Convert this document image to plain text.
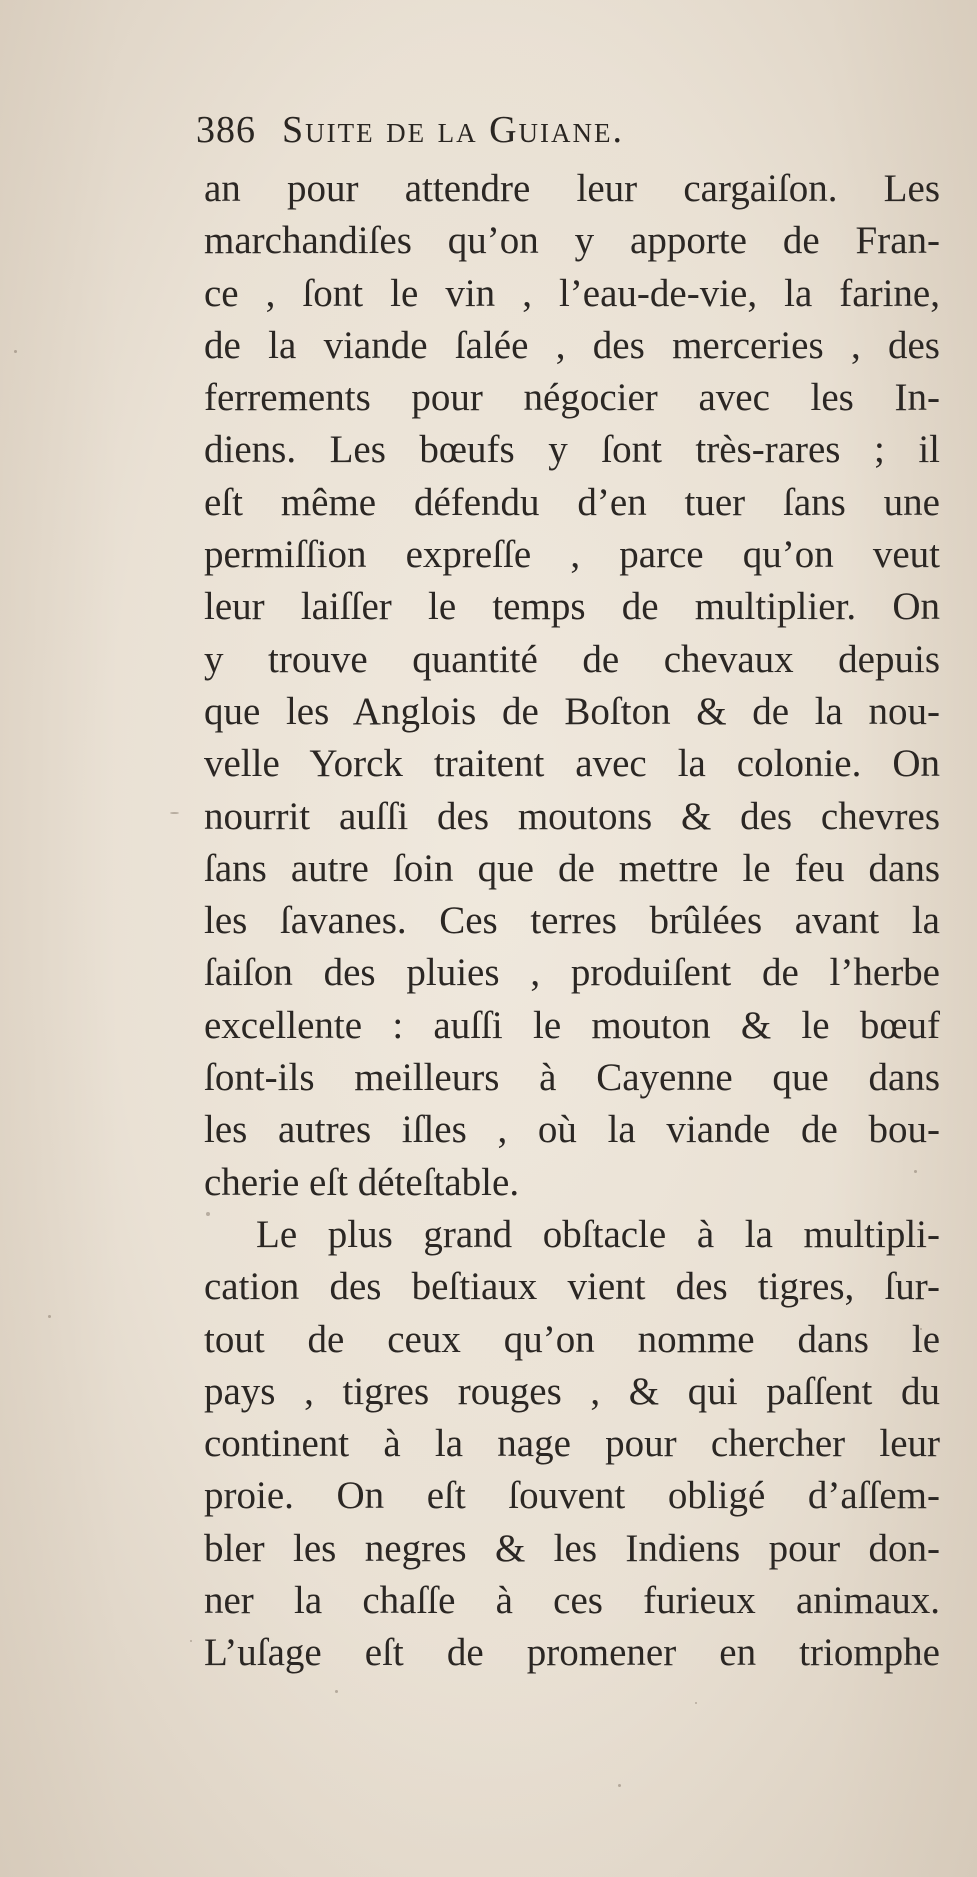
386 Suite de la Guiane.
an pour attendre leur cargaiſon. Les
marchandiſes qu’on y apporte de Fran-
ce , ſont le vin , l’eau-de-vie, la farine,
de la viande ſalée , des merceries , des
ferrements pour négocier avec les In-
diens. Les bœufs y ſont très-rares ; il
eſt même défendu d’en tuer ſans une
permiſſion expreſſe , parce qu’on veut
leur laiſſer le temps de multiplier. On
y trouve quantité de chevaux depuis
que les Anglois de Boſton & de la nou-
velle Yorck traitent avec la colonie. On
nourrit auſſi des moutons & des chevres
ſans autre ſoin que de mettre le feu dans
les ſavanes. Ces terres brûlées avant la
ſaiſon des pluies , produiſent de l’herbe
excellente : auſſi le mouton & le bœuf
ſont-ils meilleurs à Cayenne que dans
les autres iſles , où la viande de bou-
cherie eſt déteſtable.
Le plus grand obſtacle à la multipli-
cation des beſtiaux vient des tigres, ſur-
tout de ceux qu’on nomme dans le
pays , tigres rouges , & qui paſſent du
continent à la nage pour chercher leur
proie. On eſt ſouvent obligé d’aſſem-
bler les negres & les Indiens pour don-
ner la chaſſe à ces furieux animaux.
L’uſage eſt de promener en triomphe
